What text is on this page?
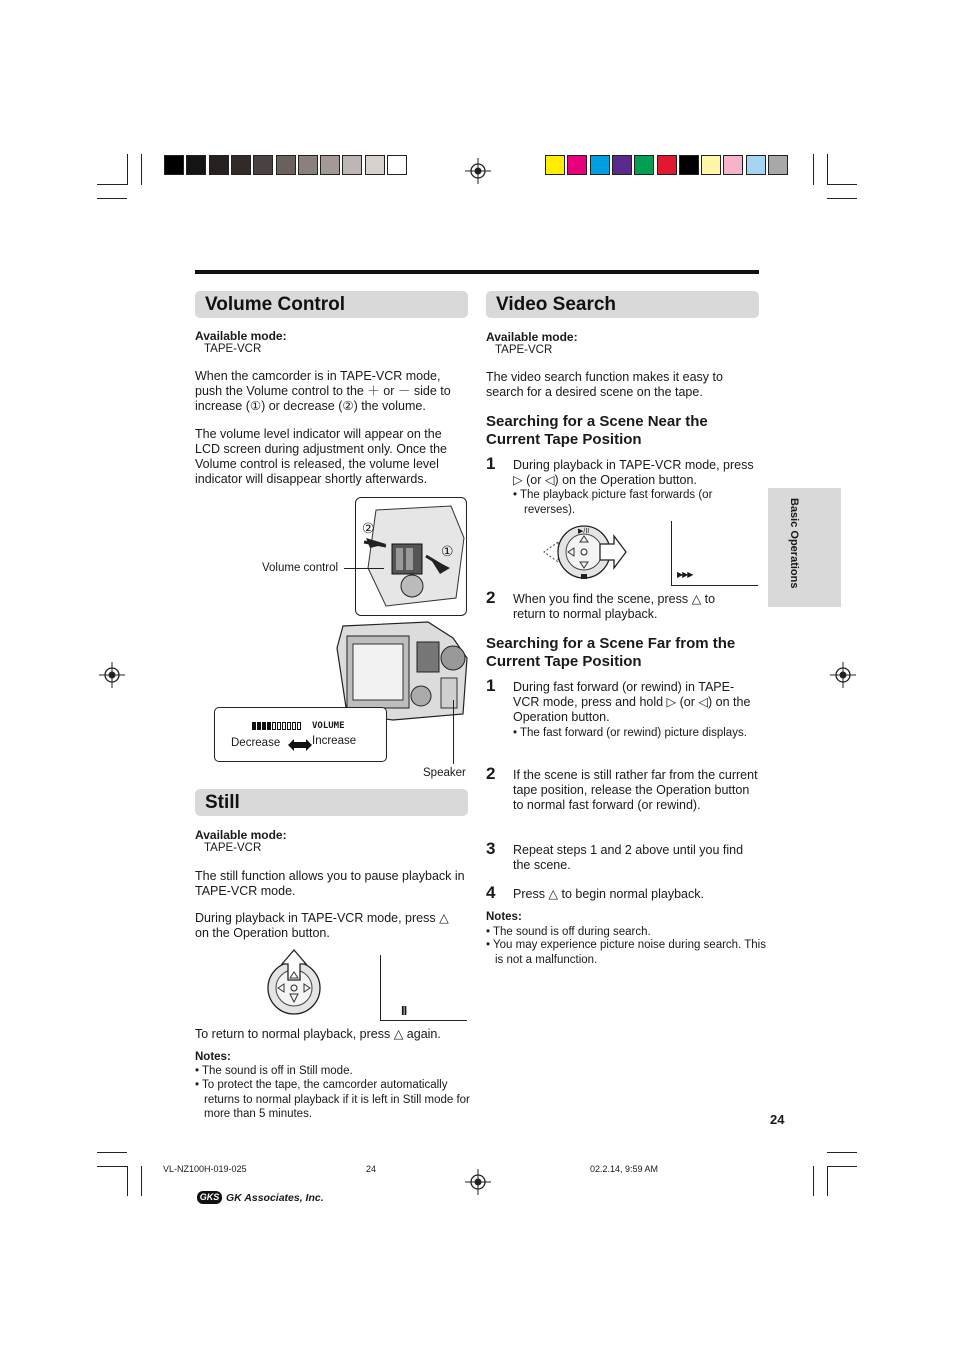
Volume Control
Available mode:
TAPE-VCR

When the camcorder is in TAPE-VCR mode, push the Volume control to the ＋ or － side to increase (①) or decrease (②) the volume.

The volume level indicator will appear on the LCD screen during adjustment only. Once the Volume control is released, the volume level indicator will disappear shortly afterwards.

②
①
Volume control
Speaker
VOLUME
Decrease	Increase
Still
Available mode:
TAPE-VCR

The still function allows you to pause playback in TAPE-VCR mode.

During playback in TAPE-VCR mode, press △ on the Operation button.

II

To return to normal playback, press △ again.

Notes:
• The sound is off in Still mode.
• To protect the tape, the camcorder automatically returns to normal playback if it is left in Still mode for more than 5 minutes.
Video Search
Available mode:
TAPE-VCR

The video search function makes it easy to search for a desired scene on the tape.

Searching for a Scene Near the Current Tape Position
1 During playback in TAPE-VCR mode, press ▷ (or ◁) on the Operation button.

• The playback picture fast forwards (or reverses).
▶/II
▶▶▶
2 When you find the scene, press △ to return to normal playback.

Searching for a Scene Far from the Current Tape Position
1 During fast forward (or rewind) in TAPE-VCR mode, press and hold ▷ (or ◁) on the Operation button.

• The fast forward (or rewind) picture displays.
2 If the scene is still rather far from the current tape position, release the Operation button to normal fast forward (or rewind).

3 Repeat steps 1 and 2 above until you find the scene.

4 Press △ to begin normal playback.

Notes:
• The sound is off during search.
• You may experience picture noise during search. This is not a malfunction.
Basic Operations
24
VL-NZ100H-019-025	24	02.2.14, 9:59 AM
GKS GK Associates, Inc.
